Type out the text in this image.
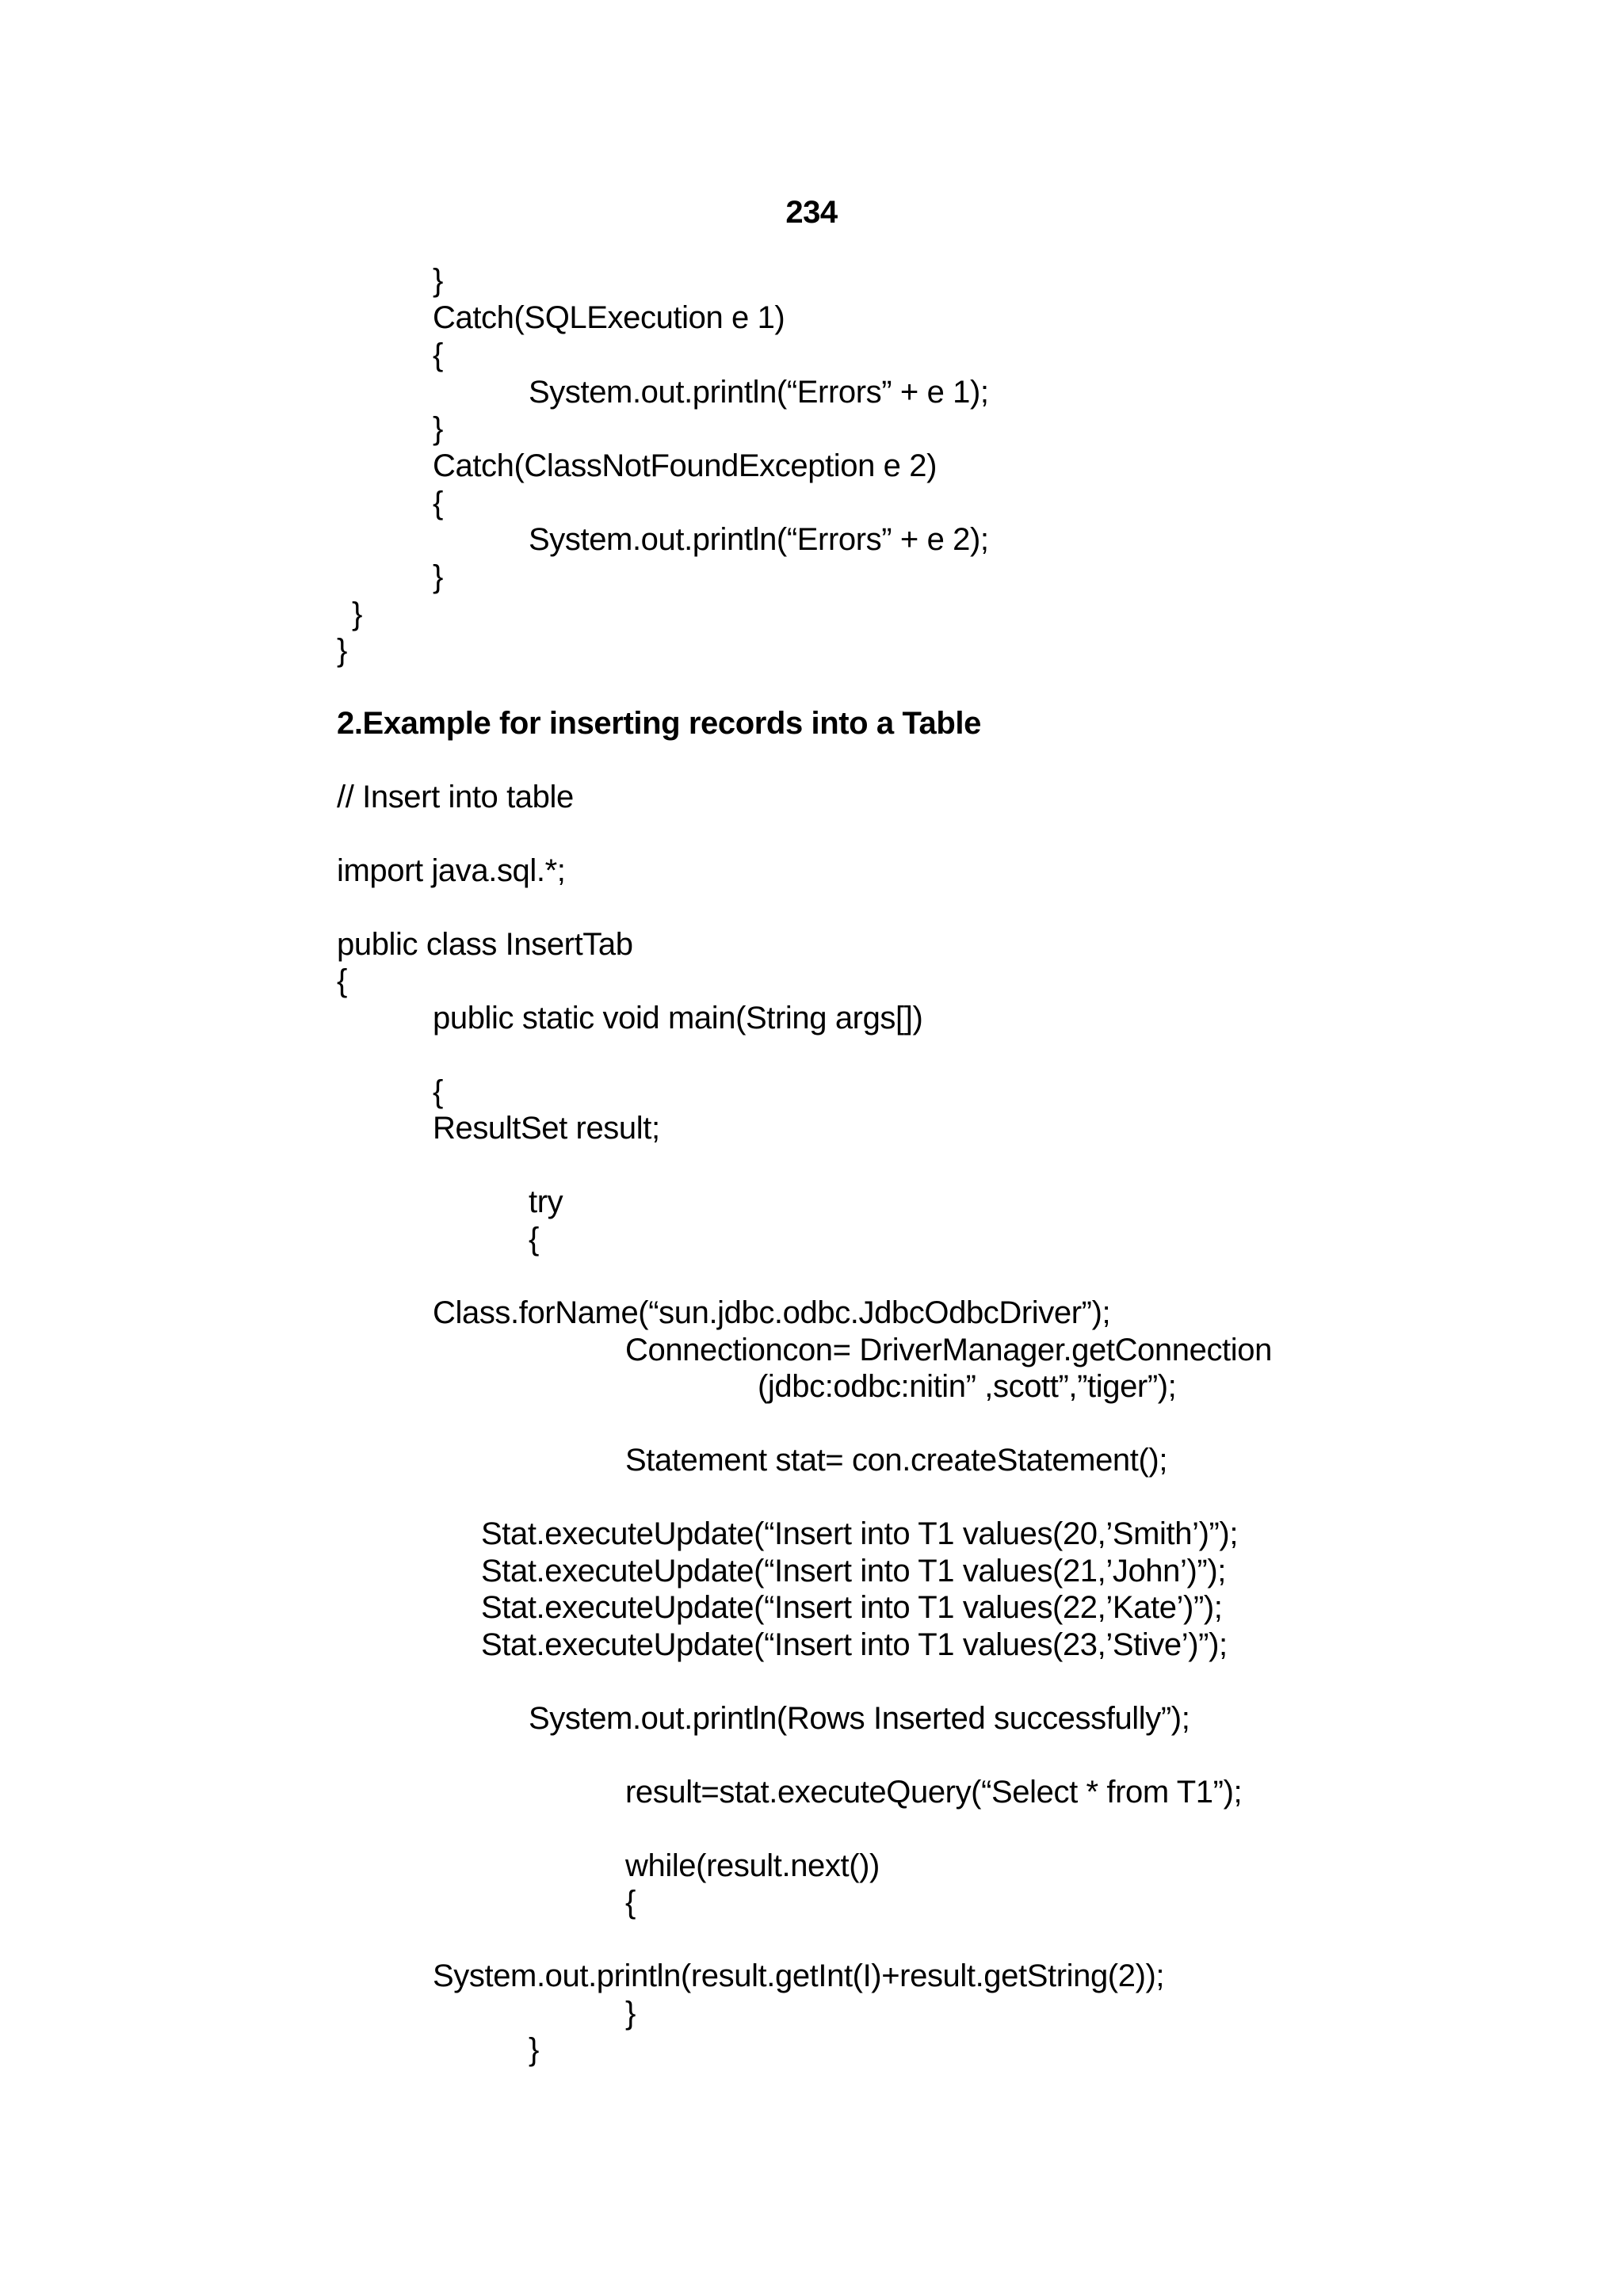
234
}
Catch(SQLExecution e 1)
{
System.out.println(“Errors” + e 1);
}
Catch(ClassNotFoundException e 2)
{
System.out.println(“Errors” + e 2);
}
}
}
2.Example for inserting records into a Table
// Insert into table
import java.sql.*;
public class InsertTab
{
public static void main(String args[])
{
ResultSet result;
try
{
Class.forName(“sun.jdbc.odbc.JdbcOdbcDriver”);
Connectioncon= DriverManager.getConnection
(jdbc:odbc:nitin” ,scott”,”tiger”);
Statement stat= con.createStatement();
Stat.executeUpdate(“Insert into T1 values(20,’Smith’)”);
Stat.executeUpdate(“Insert into T1 values(21,’John’)”);
Stat.executeUpdate(“Insert into T1 values(22,’Kate’)”);
Stat.executeUpdate(“Insert into T1 values(23,’Stive’)”);
System.out.println(Rows Inserted successfully”);
result=stat.executeQuery(“Select * from T1”);
while(result.next())
{
System.out.println(result.getInt(I)+result.getString(2));
}
}
